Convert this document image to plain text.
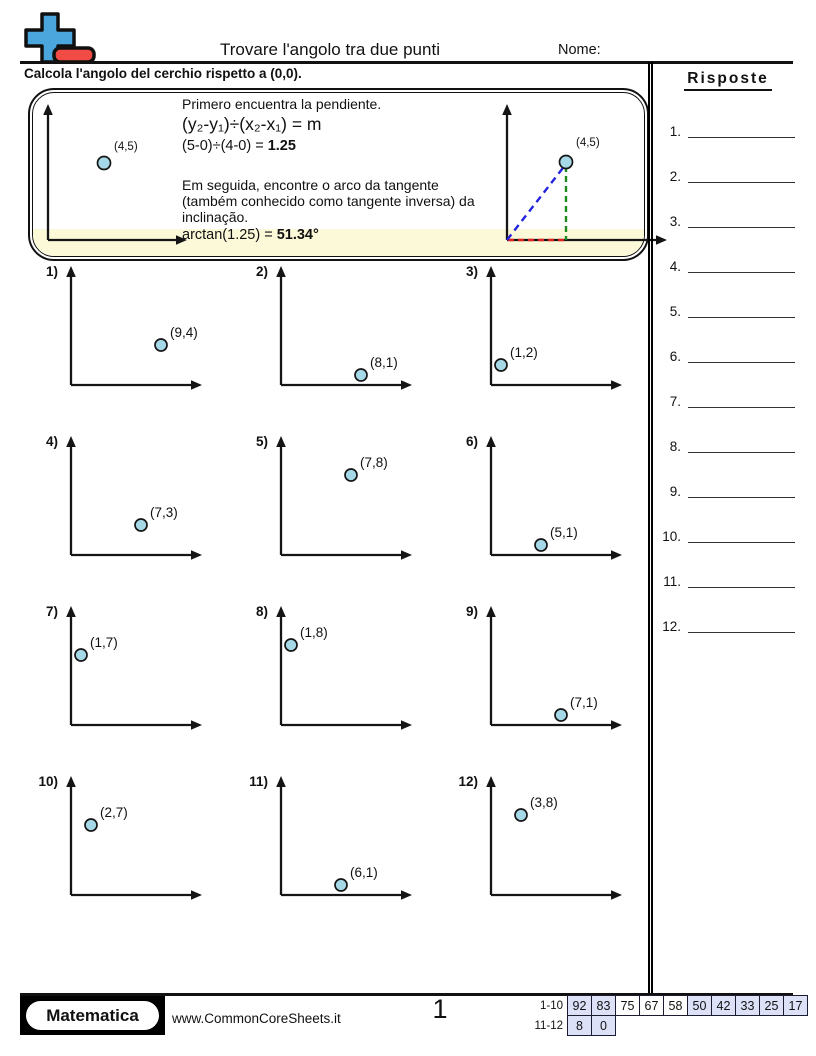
Trovare l'angolo tra due punti	Nome:
Calcola l'angolo del cerchio rispetto a (0,0).
(4,5)	(4,5)
Primero encuentra la pendiente.
(y₂-y₁)÷(x₂-x₁) = m
(5-0)÷(4-0) = 1.25
Em seguida, encontre o arco da tangente (também conhecido como tangente inversa) da inclinação.
arctan(1.25) = 51.34°
1)
(9,4)
2)
(8,1)
3)
(1,2)
4)
(7,3)
5)
(7,8)
6)
(5,1)
7)
(1,7)
8)
(1,8)
9)
(7,1)
10)
(2,7)
11)
(6,1)
12)
(3,8)
Risposte
1.
2.
3.
4.
5.
6.
7.
8.
9.
10.
11.
12.
Matematica	www.CommonCoreSheets.it	1	1-10	92	83	75	67	58	50	42	33	25	17
11-12	8	0								
